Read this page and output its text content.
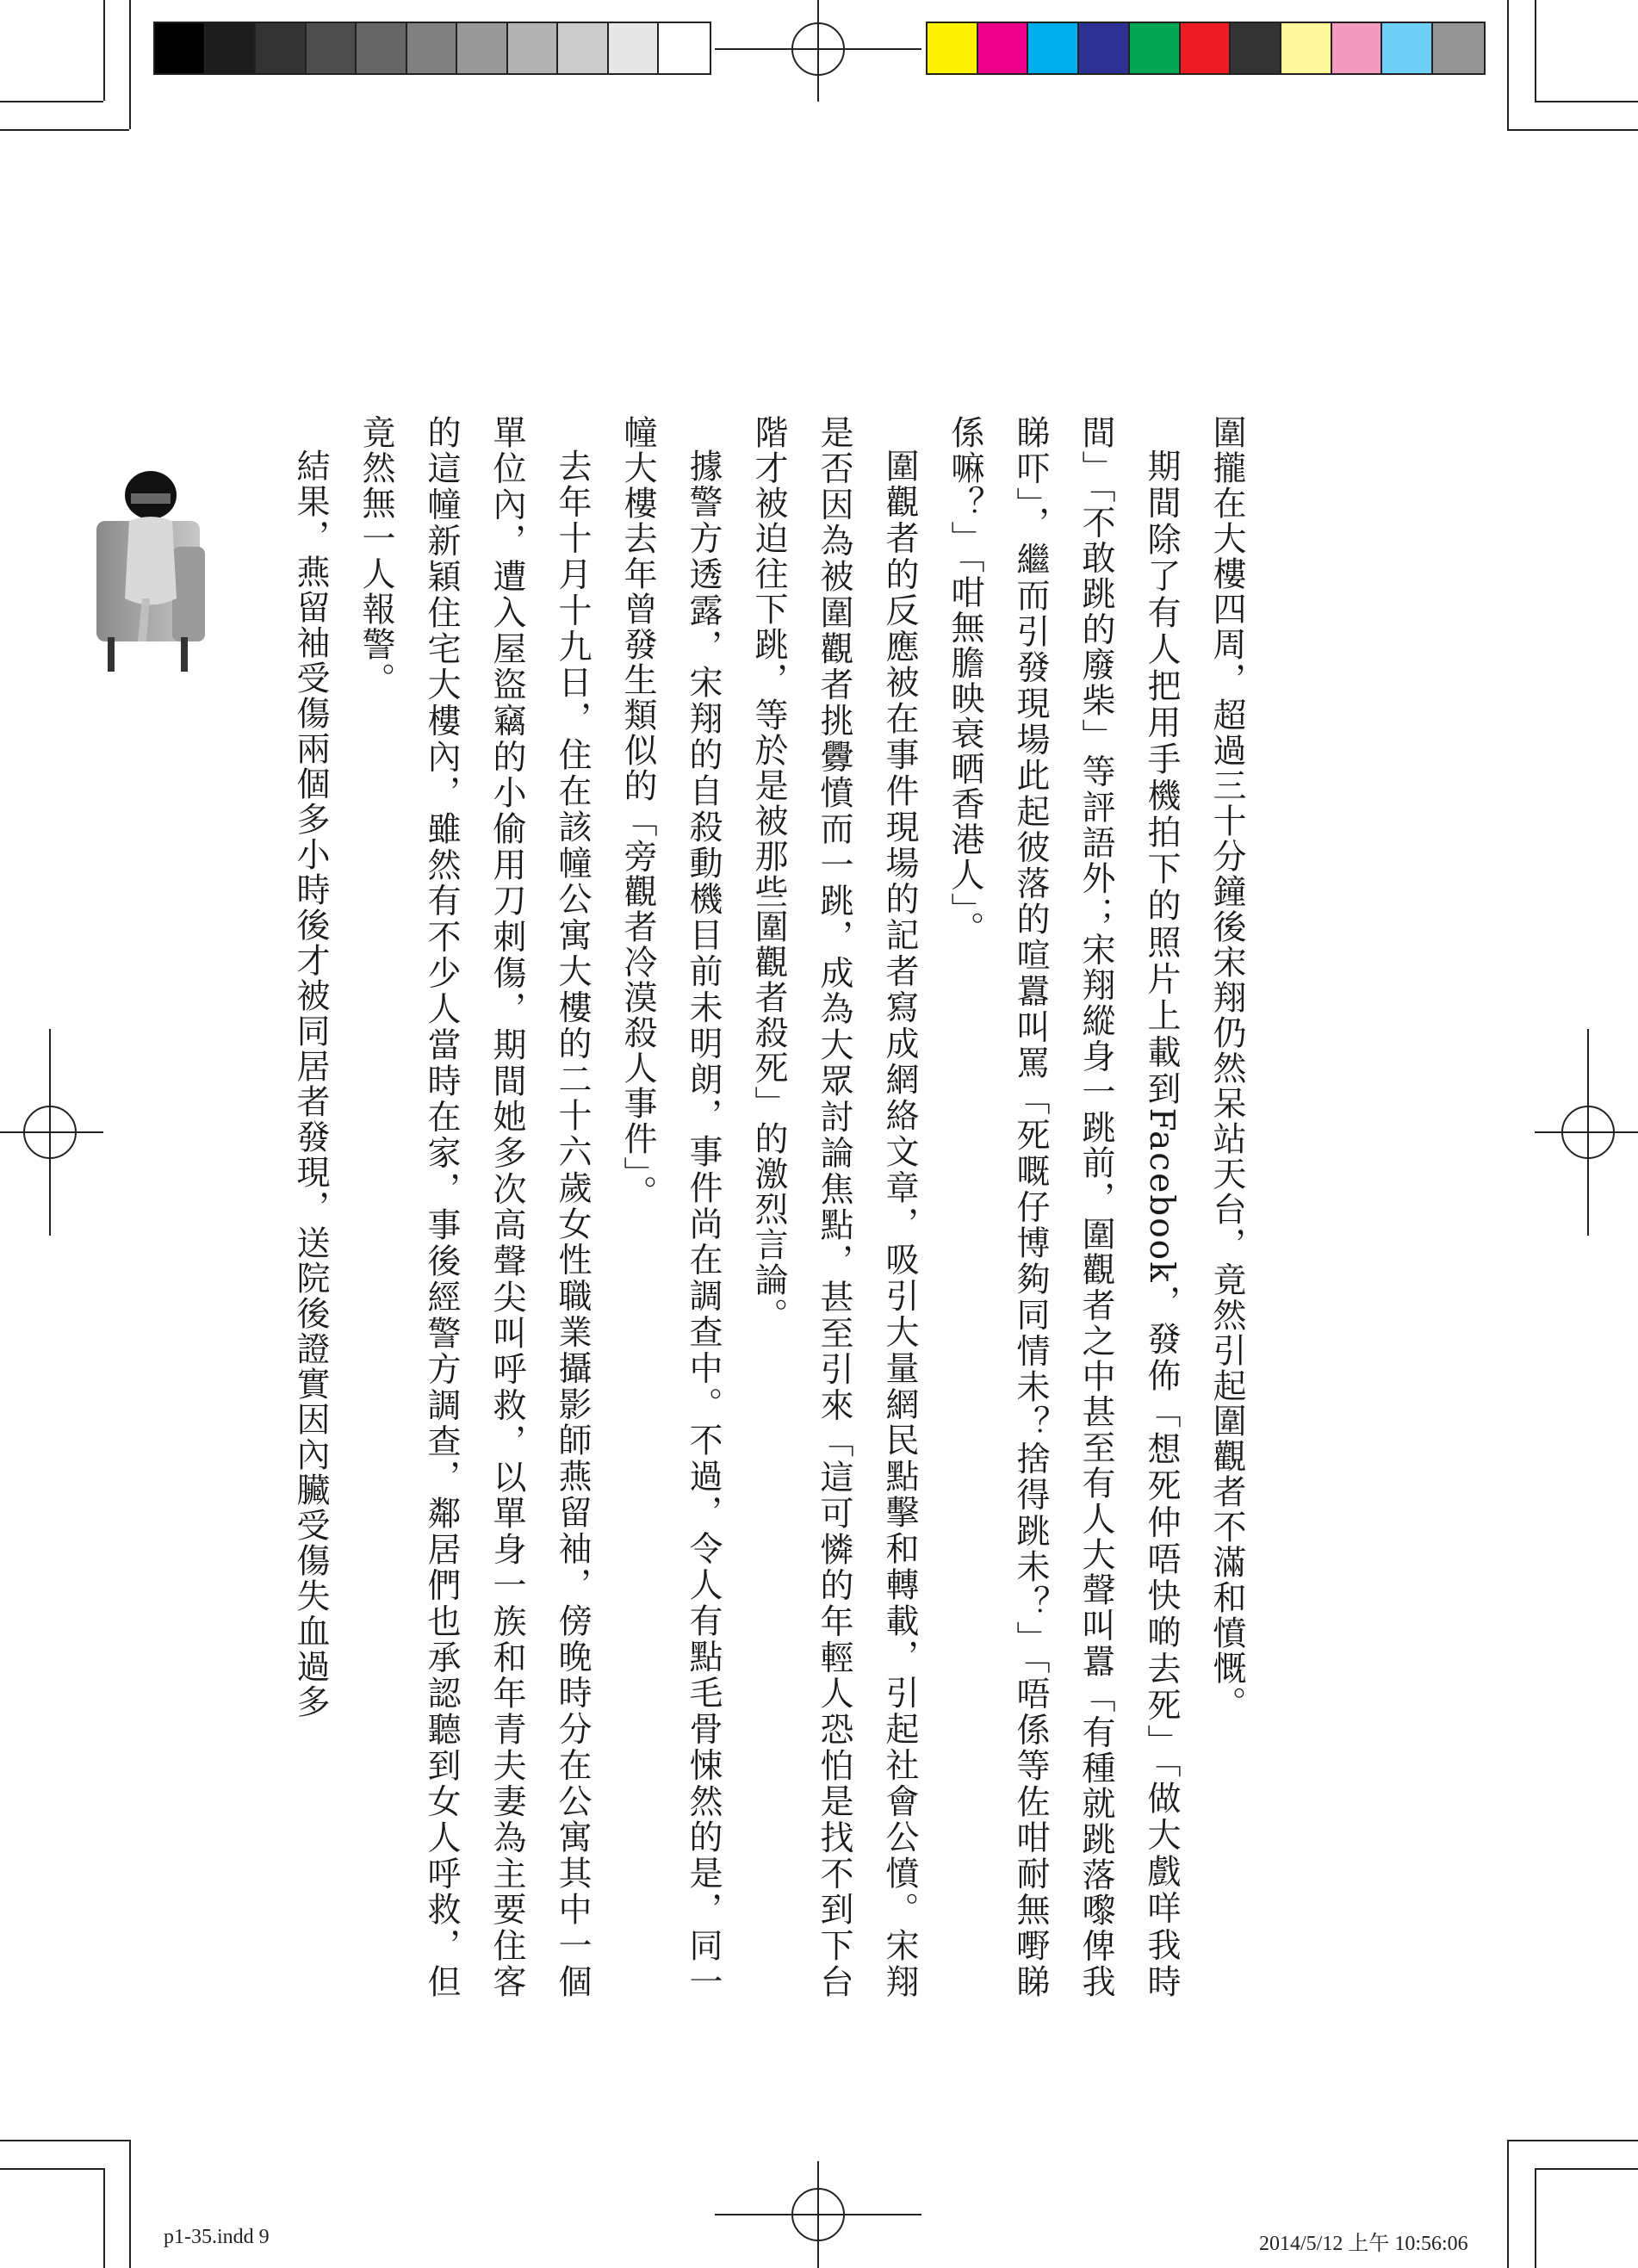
圍攏在大樓四周，超過三十分鐘後宋翔仍然呆站天台，竟然引起圍觀者不滿和憤慨。

期間除了有人把用手機拍下的照片上載到Facebook，發佈「想死仲唔快啲去死」「做大戲咩我時間」「不敢跳的廢柴」等評語外；宋翔縱身一跳前，圍觀者之中甚至有人大聲叫囂「有種就跳落嚟俾我睇吓」，繼而引發現場此起彼落的喧囂叫罵「死嘅仔博夠同情未？捨得跳未？」「唔係等佐咁耐無嘢睇係嘛？」「咁無膽映衰晒香港人」。

圍觀者的反應被在事件現場的記者寫成網絡文章，吸引大量網民點擊和轉載，引起社會公憤。宋翔是否因為被圍觀者挑釁憤而一跳，成為大眾討論焦點，甚至引來「這可憐的年輕人恐怕是找不到下台階才被迫往下跳，等於是被那些圍觀者殺死」的激烈言論。

據警方透露，宋翔的自殺動機目前未明朗，事件尚在調查中。不過，令人有點毛骨悚然的是，同一幢大樓去年曾發生類似的「旁觀者冷漠殺人事件」。

去年十月十九日，住在該幢公寓大樓的二十六歲女性職業攝影師燕留袖，傍晚時分在公寓其中一個單位內，遭入屋盜竊的小偷用刀刺傷，期間她多次高聲尖叫呼救，以單身一族和年青夫妻為主要住客的這幢新穎住宅大樓內，雖然有不少人當時在家，事後經警方調查，鄰居們也承認聽到女人呼救，但竟然無一人報警。

結果，燕留袖受傷兩個多小時後才被同居者發現，送院後證實因內臟受傷失血過多

p1-35.indd 9	2014/5/12 上午 10:56:06
